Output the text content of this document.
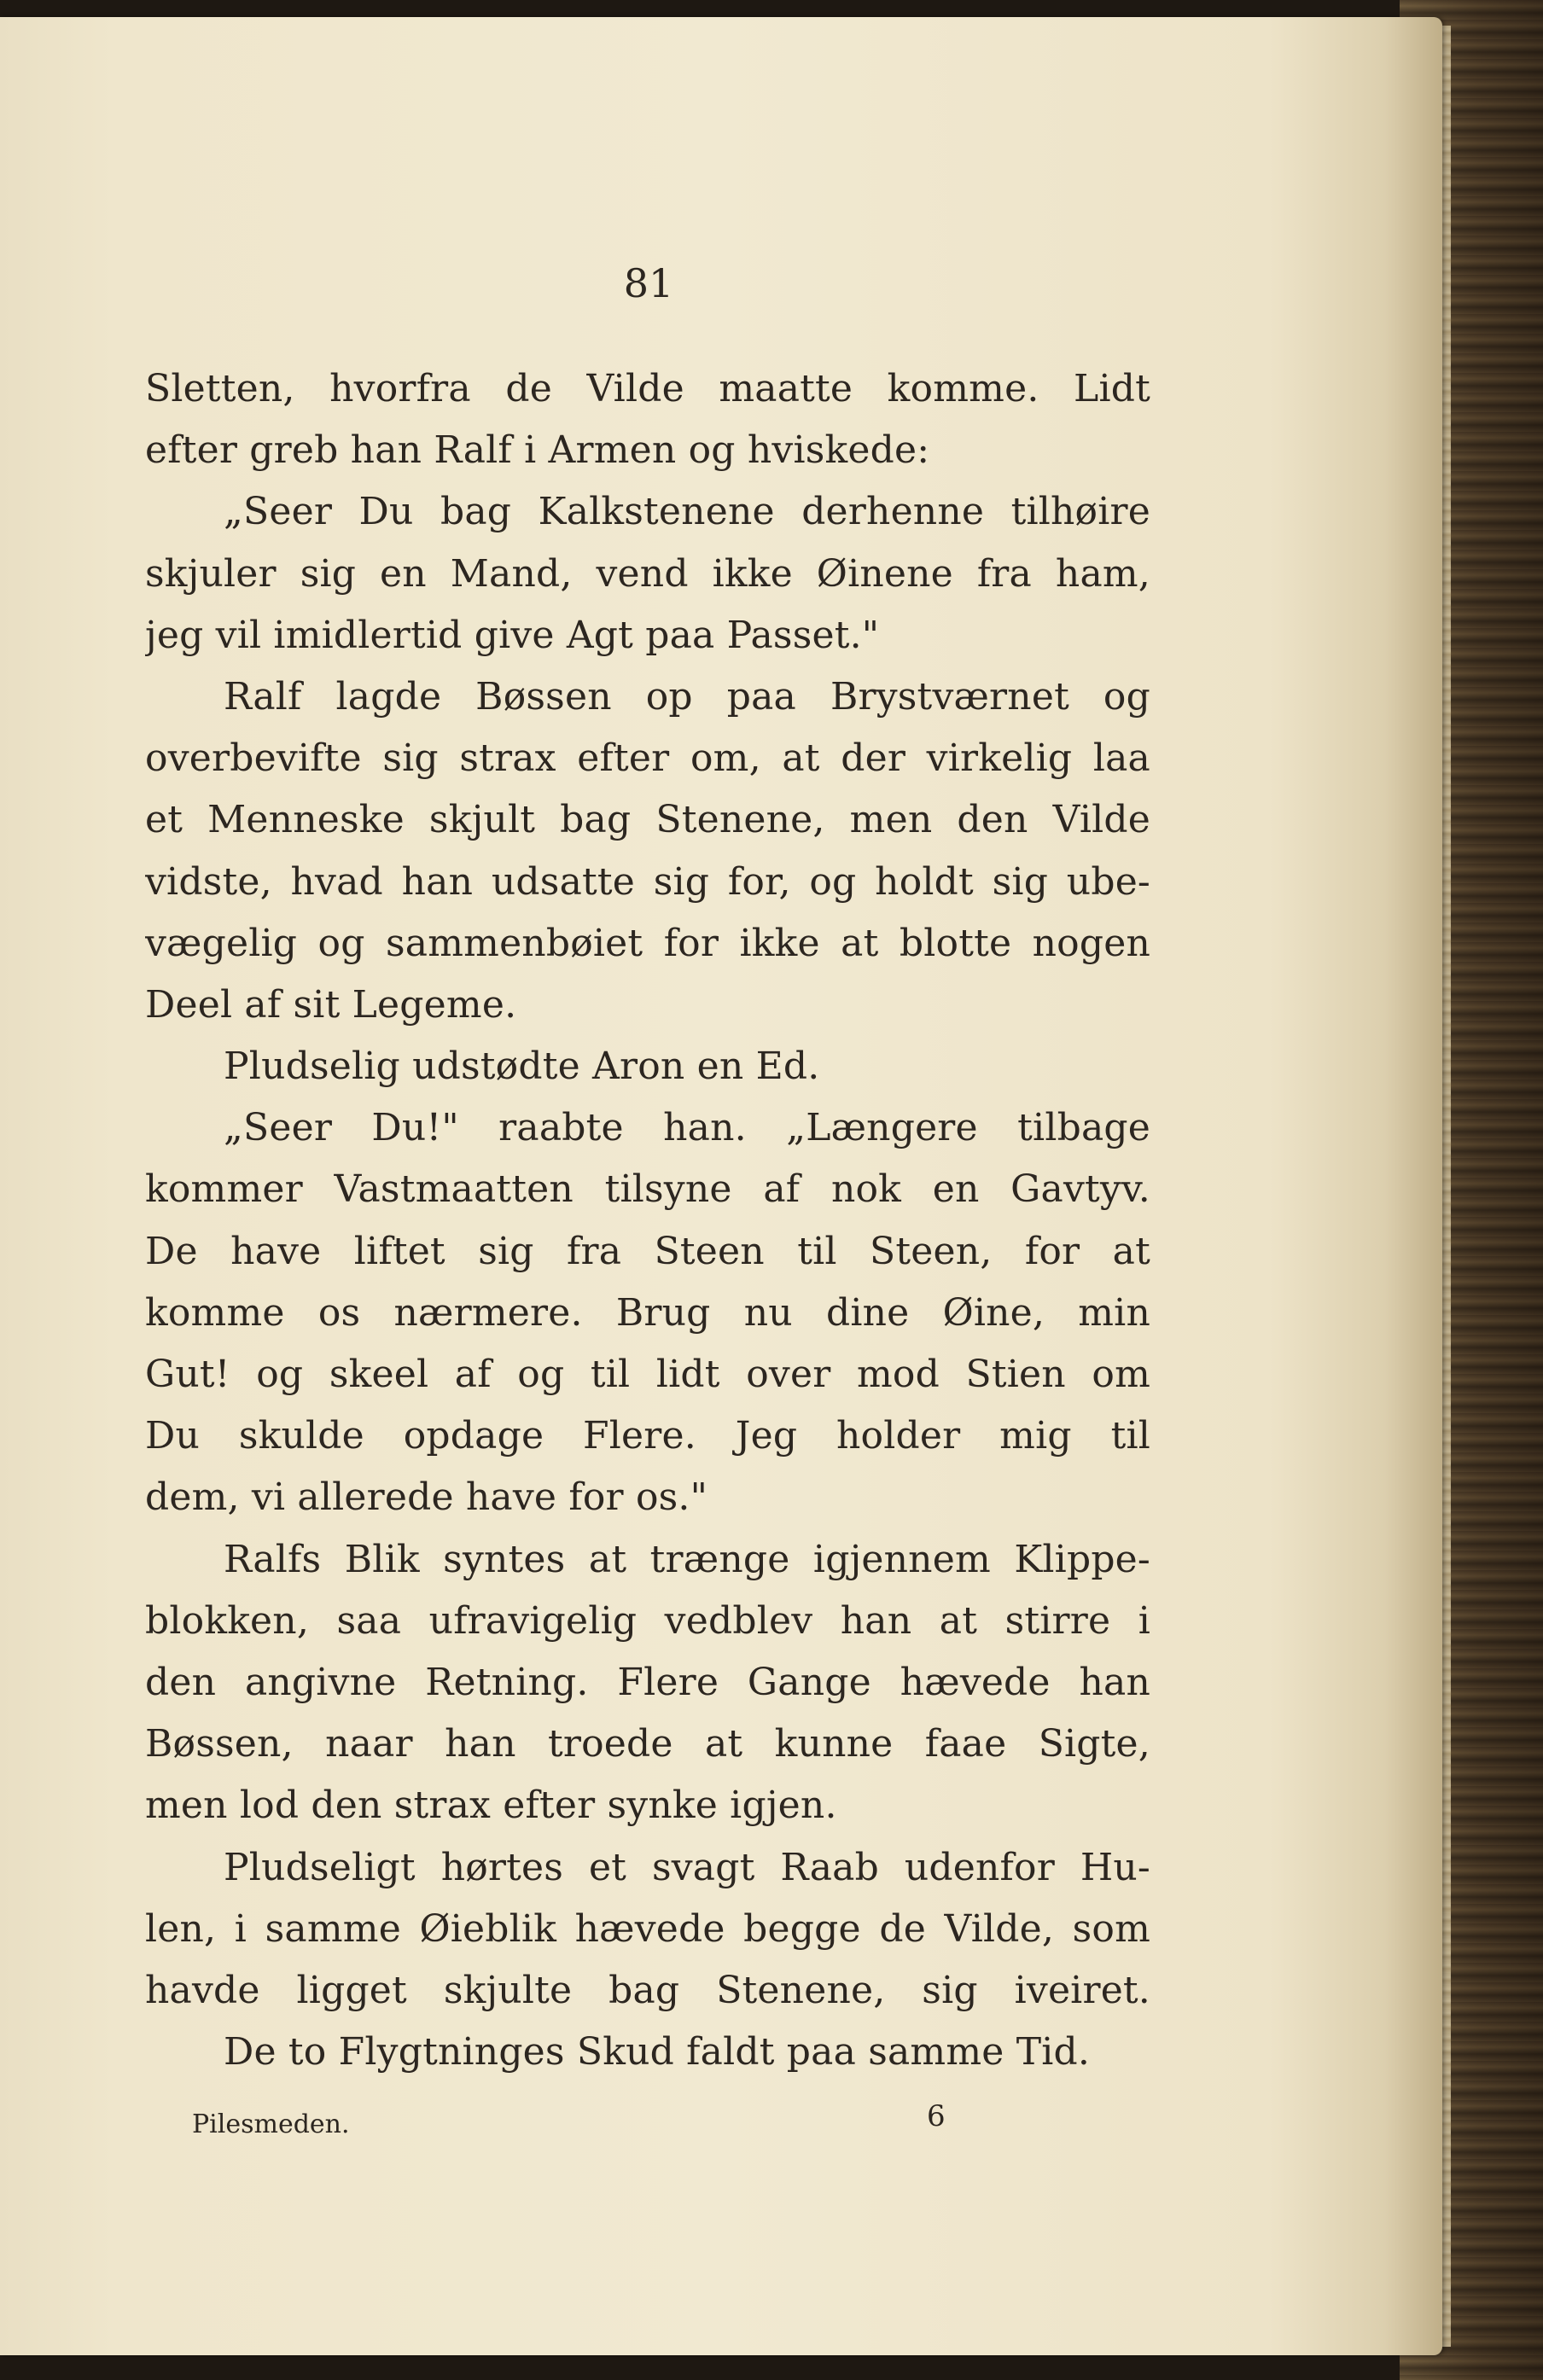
81
Sletten, hvorfra de Vilde maatte komme. Lidt
efter greb han Ralf i Armen og hviskede:
„Seer Du bag Kalkstenene derhenne tilhøire
skjuler sig en Mand, vend ikke Øinene fra ham,
jeg vil imidlertid give Agt paa Passet."
Ralf lagde Bøssen op paa Brystværnet og
overbevifte sig strax efter om, at der virkelig laa
et Menneske skjult bag Stenene, men den Vilde
vidste, hvad han udsatte sig for, og holdt sig ube-
vægelig og sammenbøiet for ikke at blotte nogen
Deel af sit Legeme.
Pludselig udstødte Aron en Ed.
„Seer Du!" raabte han. „Længere tilbage
kommer Vastmaatten tilsyne af nok en Gavtyv.
De have liftet sig fra Steen til Steen, for at
komme os nærmere. Brug nu dine Øine, min
Gut! og skeel af og til lidt over mod Stien om
Du skulde opdage Flere. Jeg holder mig til
dem, vi allerede have for os."
Ralfs Blik syntes at trænge igjennem Klippe-
blokken, saa ufravigelig vedblev han at stirre i
den angivne Retning. Flere Gange hævede han
Bøssen, naar han troede at kunne faae Sigte,
men lod den strax efter synke igjen.
Pludseligt hørtes et svagt Raab udenfor Hu-
len, i samme Øieblik hævede begge de Vilde, som
havde ligget skjulte bag Stenene, sig iveiret.
De to Flygtninges Skud faldt paa samme Tid.
Pilesmeden.	6
